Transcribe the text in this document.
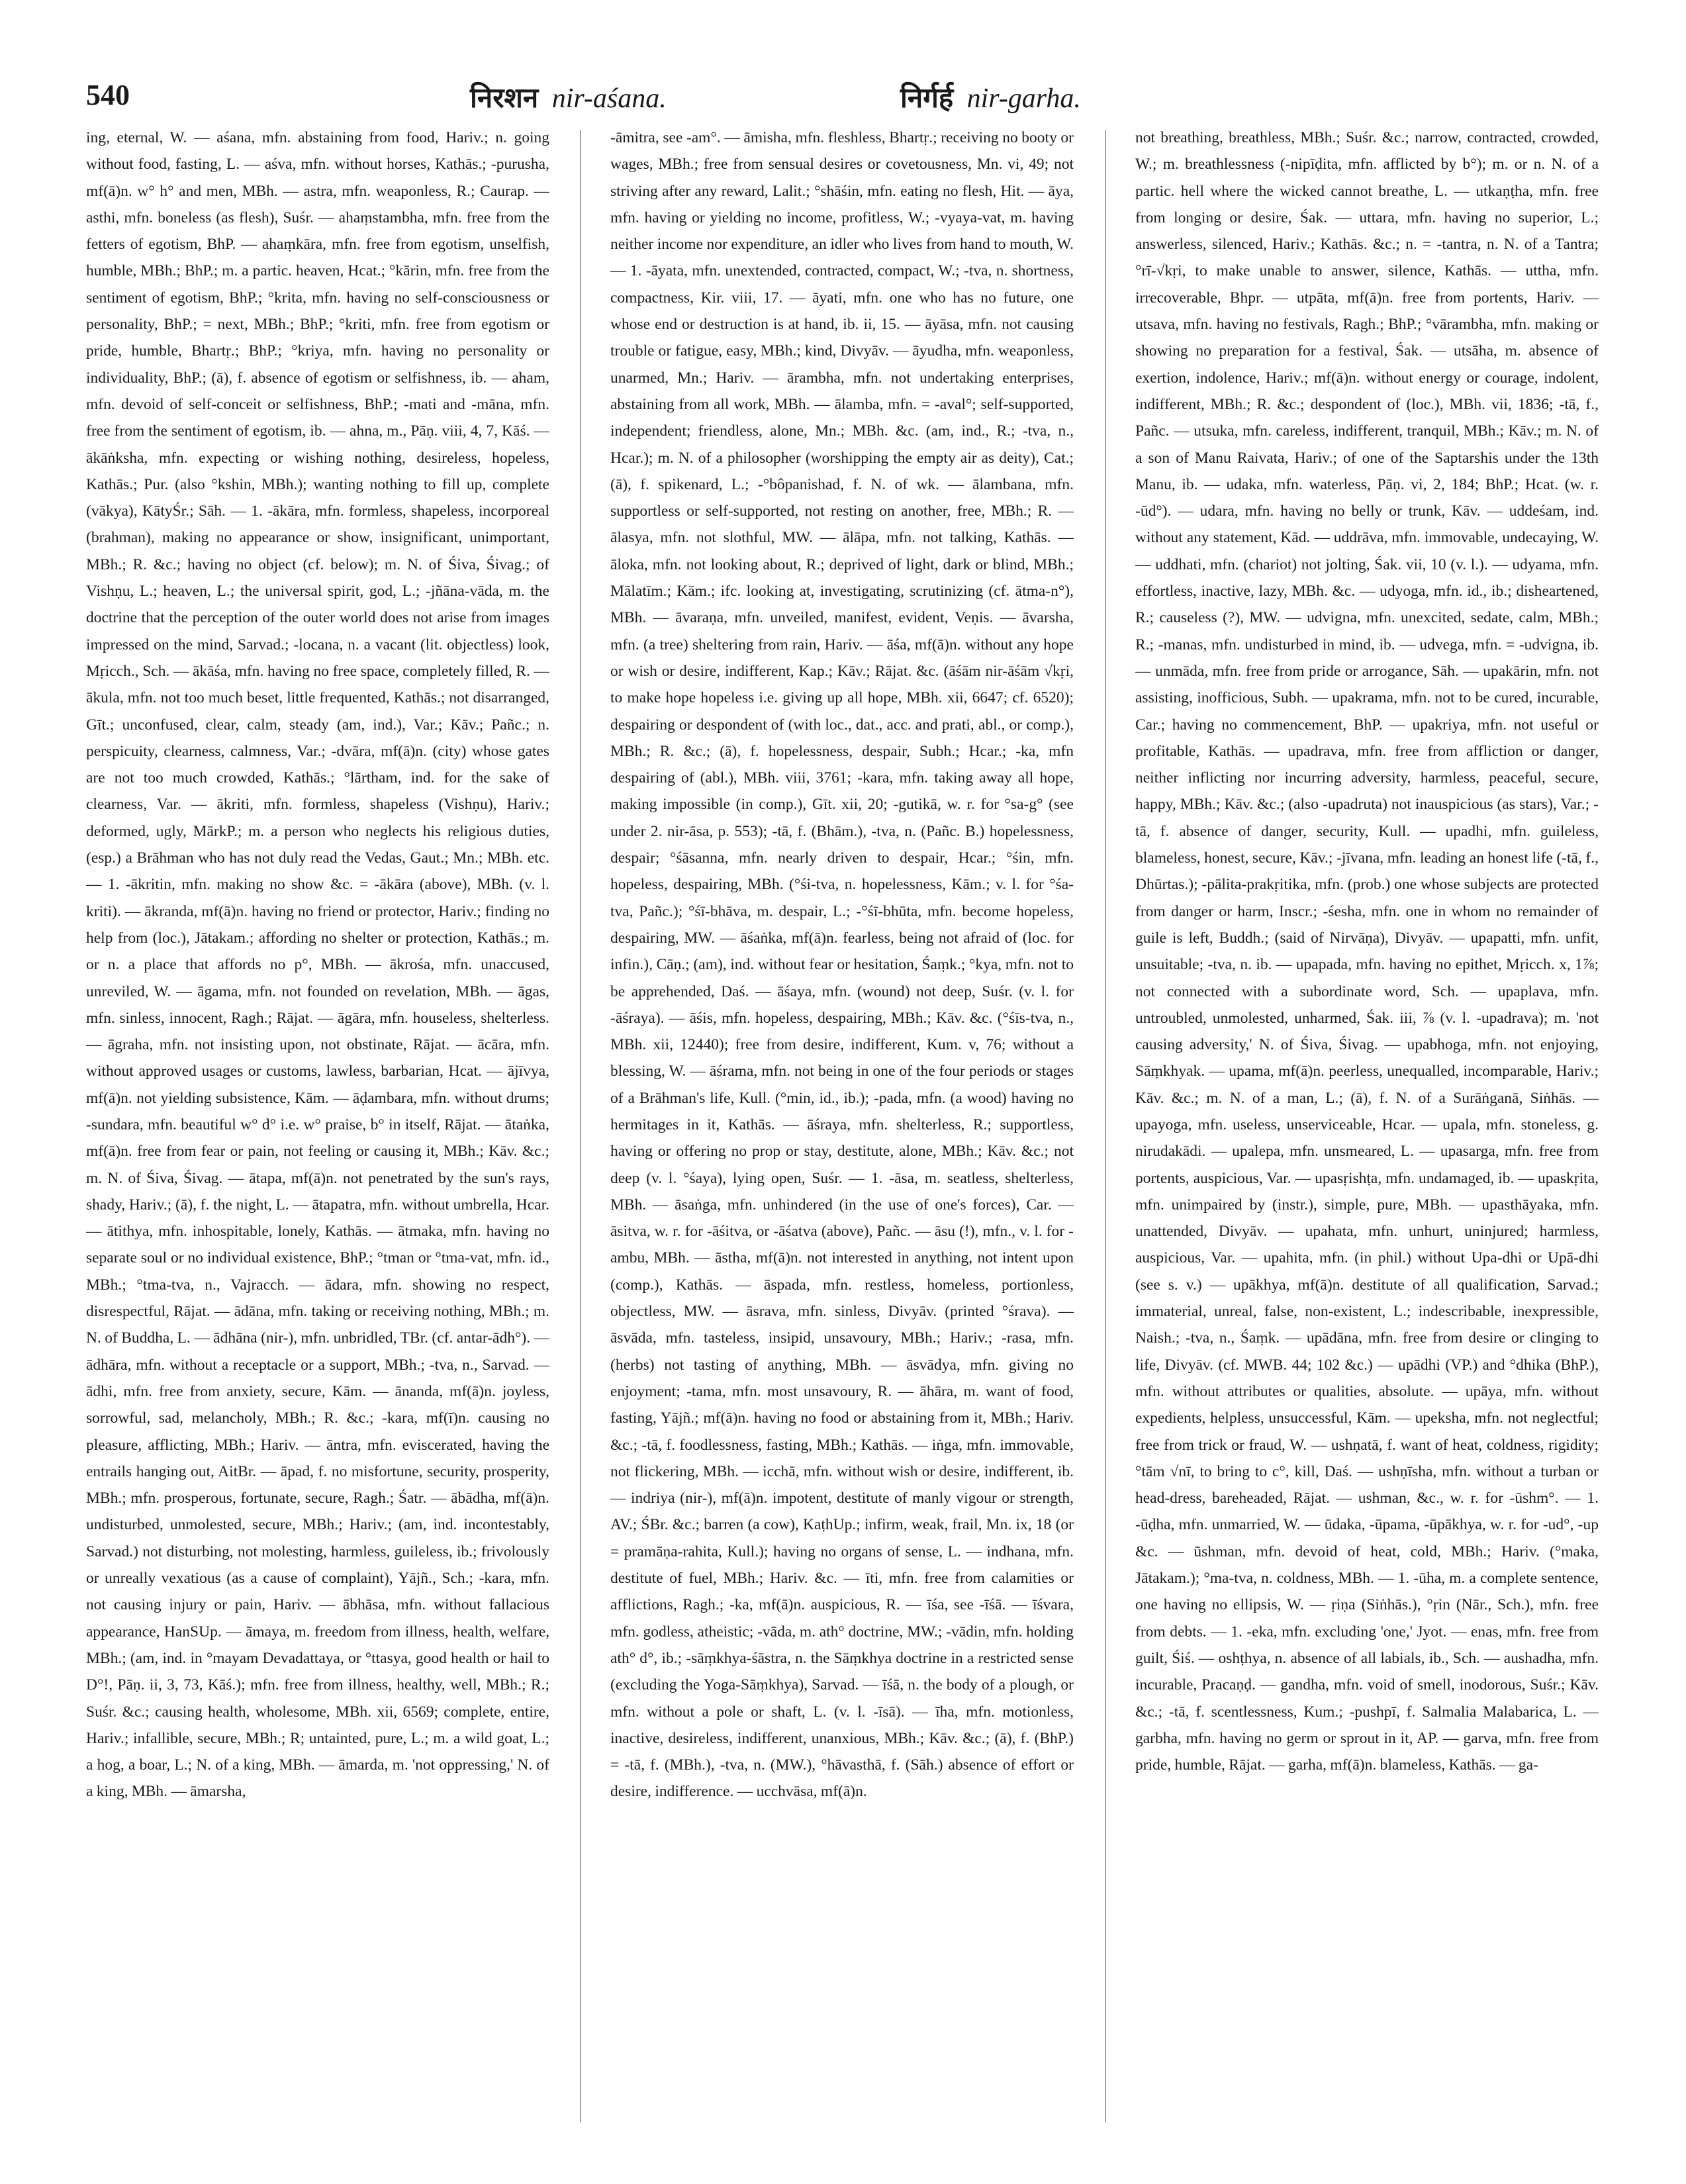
540	निरशन nir-aśana.	निर्गर्ह nir-garha.
ing, eternal, W. — aśana, mfn. abstaining from food, Hariv.; n. going without food, fasting, L. — aśva, mfn. without horses, Kathās.; -purusha, mf(ā)n. w° h° and men, MBh. — astra, mfn. weaponless, R.; Caurap. — asthi, mfn. boneless (as flesh), Suśr. — ahaṃstambha, mfn. free from the fetters of egotism, BhP. — ahaṃkāra, mfn. free from egotism, unselfish, humble, MBh.; BhP.; m. a partic. heaven, Hcat.; °kārin, mfn. free from the sentiment of egotism, BhP.; °krita, mfn. having no self-consciousness or personality, BhP.; = next, MBh.; BhP.; °kriti, mfn. free from egotism or pride, humble, Bhartṛ.; BhP.; °kriya, mfn. having no personality or individuality, BhP.; (ā), f. absence of egotism or selfishness, ib. — aham, mfn. devoid of self-conceit or selfishness, BhP.; -mati and -māna, mfn. free from the sentiment of egotism, ib. — ahna, m., Pāṇ. viii, 4, 7, Kāś. — ākāṅksha, mfn. expecting or wishing nothing, desireless, hopeless, Kathās.; Pur. (also °kshin, MBh.); wanting nothing to fill up, complete (vākya), KātyŚr.; Sāh. — 1. -ākāra, mfn. formless, shapeless, incorporeal (brahman), making no appearance or show, insignificant, unimportant, MBh.; R. &c.; having no object (cf. below); m. N. of Śiva, Śivag.; of Vishṇu, L.; heaven, L.; the universal spirit, god, L.; -jñāna-vāda, m. the doctrine that the perception of the outer world does not arise from images impressed on the mind, Sarvad.; -locana, n. a vacant (lit. objectless) look, Mṛicch., Sch. — ākāśa, mfn. having no free space, completely filled, R. — ākula, mfn. not too much beset, little frequented, Kathās.; not disarranged, Gīt.; unconfused, clear, calm, steady (am, ind.), Var.; Kāv.; Pañc.; n. perspicuity, clearness, calmness, Var.; -dvāra, mf(ā)n. (city) whose gates are not too much crowded, Kathās.; °lārtham, ind. for the sake of clearness, Var. — ākriti, mfn. formless, shapeless (Vishṇu), Hariv.; deformed, ugly, MārkP.; m. a person who neglects his religious duties, (esp.) a Brāhman who has not duly read the Vedas, Gaut.; Mn.; MBh. etc. — 1. -ākritin, mfn. making no show &c. = -ākāra (above), MBh. (v. l. kriti). — ākranda, mf(ā)n. having no friend or protector, Hariv.; finding no help from (loc.), Jātakam.; affording no shelter or protection, Kathās.; m. or n. a place that affords no p°, MBh. — ākrośa, mfn. unaccused, unreviled, W. — āgama, mfn. not founded on revelation, MBh. — āgas, mfn. sinless, innocent, Ragh.; Rājat. — āgāra, mfn. houseless, shelterless. — āgraha, mfn. not insisting upon, not obstinate, Rājat. — ācāra, mfn. without approved usages or customs, lawless, barbarian, Hcat. — ājīvya, mf(ā)n. not yielding subsistence, Kām. — āḍambara, mfn. without drums; -sundara, mfn. beautiful w° d° i.e. w° praise, b° in itself, Rājat. — ātaṅka, mf(ā)n. free from fear or pain, not feeling or causing it, MBh.; Kāv. &c.; m. N. of Śiva, Śivag. — ātapa, mf(ā)n. not penetrated by the sun's rays, shady, Hariv.; (ā), f. the night, L. — ātapatra, mfn. without umbrella, Hcar. — ātithya, mfn. inhospitable, lonely, Kathās. — ātmaka, mfn. having no separate soul or no individual existence, BhP.; °tman or °tma-vat, mfn. id., MBh.; °tma-tva, n., Vajracch. — ādara, mfn. showing no respect, disrespectful, Rājat. — ādāna, mfn. taking or receiving nothing, MBh.; m. N. of Buddha, L. — ādhāna (nir-), mfn. unbridled, TBr. (cf. antar-ādh°). — ādhāra, mfn. without a receptacle or a support, MBh.; -tva, n., Sarvad. — ādhi, mfn. free from anxiety, secure, Kām. — ānanda, mf(ā)n. joyless, sorrowful, sad, melancholy, MBh.; R. &c.; -kara, mf(ī)n. causing no pleasure, afflicting, MBh.; Hariv. — āntra, mfn. eviscerated, having the entrails hanging out, AitBr. — āpad, f. no misfortune, security, prosperity, MBh.; mfn. prosperous, fortunate, secure, Ragh.; Śatr. — ābādha, mf(ā)n. undisturbed, unmolested, secure, MBh.; Hariv.; (am, ind. incontestably, Sarvad.) not disturbing, not molesting, harmless, guileless, ib.; frivolously or unreally vexatious (as a cause of complaint), Yājñ., Sch.; -kara, mfn. not causing injury or pain, Hariv. — ābhāsa, mfn. without fallacious appearance, HanSUp. — āmaya, m. freedom from illness, health, welfare, MBh.; (am, ind. in °mayam Devadattaya, or °ttasya, good health or hail to D°!, Pāṇ. ii, 3, 73, Kāś.); mfn. free from illness, healthy, well, MBh.; R.; Suśr. &c.; causing health, wholesome, MBh. xii, 6569; complete, entire, Hariv.; infallible, secure, MBh.; R; untainted, pure, L.; m. a wild goat, L.; a hog, a boar, L.; N. of a king, MBh. — āmarda, m. 'not oppressing,' N. of a king, MBh. — āmarsha,
-āmitra, see -am°. — āmisha, mfn. fleshless, Bhartṛ.; receiving no booty or wages, MBh.; free from sensual desires or covetousness, Mn. vi, 49; not striving after any reward, Lalit.; °shāśin, mfn. eating no flesh, Hit. — āya, mfn. having or yielding no income, profitless, W.; -vyaya-vat, m. having neither income nor expenditure, an idler who lives from hand to mouth, W. — 1. -āyata, mfn. unextended, contracted, compact, W.; -tva, n. shortness, compactness, Kir. viii, 17. — āyati, mfn. one who has no future, one whose end or destruction is at hand, ib. ii, 15. — āyāsa, mfn. not causing trouble or fatigue, easy, MBh.; kind, Divyāv. — āyudha, mfn. weaponless, unarmed, Mn.; Hariv. — ārambha, mfn. not undertaking enterprises, abstaining from all work, MBh. — ālamba, mfn. = -aval°; self-supported, independent; friendless, alone, Mn.; MBh. &c. (am, ind., R.; -tva, n., Hcar.); m. N. of a philosopher (worshipping the empty air as deity), Cat.; (ā), f. spikenard, L.; -°bôpanishad, f. N. of wk. — ālambana, mfn. supportless or self-supported, not resting on another, free, MBh.; R. — ālasya, mfn. not slothful, MW. — ālāpa, mfn. not talking, Kathās. — āloka, mfn. not looking about, R.; deprived of light, dark or blind, MBh.; Mālatīm.; Kām.; ifc. looking at, investigating, scrutinizing (cf. ātma-n°), MBh. — āvaraṇa, mfn. unveiled, manifest, evident, Veṇis. — āvarsha, mfn. (a tree) sheltering from rain, Hariv. — āśa, mf(ā)n. without any hope or wish or desire, indifferent, Kap.; Kāv.; Rājat. &c. (āśām nir-āśām √kṛi, to make hope hopeless i.e. giving up all hope, MBh. xii, 6647; cf. 6520); despairing or despondent of (with loc., dat., acc. and prati, abl., or comp.), MBh.; R. &c.; (ā), f. hopelessness, despair, Subh.; Hcar.; -ka, mfn despairing of (abl.), MBh. viii, 3761; -kara, mfn. taking away all hope, making impossible (in comp.), Gīt. xii, 20; -gutikā, w. r. for °sa-g° (see under 2. nir-āsa, p. 553); -tā, f. (Bhām.), -tva, n. (Pañc. B.) hopelessness, despair; °śāsanna, mfn. nearly driven to despair, Hcar.; °śin, mfn. hopeless, despairing, MBh. (°śi-tva, n. hopelessness, Kām.; v. l. for °śa-tva, Pañc.); °śī-bhāva, m. despair, L.; -°śī-bhūta, mfn. become hopeless, despairing, MW. — āśaṅka, mf(ā)n. fearless, being not afraid of (loc. for infin.), Cāṇ.; (am), ind. without fear or hesitation, Śaṃk.; °kya, mfn. not to be apprehended, Daś. — āśaya, mfn. (wound) not deep, Suśr. (v. l. for -āśraya). — āśis, mfn. hopeless, despairing, MBh.; Kāv. &c. (°śīs-tva, n., MBh. xii, 12440); free from desire, indifferent, Kum. v, 76; without a blessing, W. — āśrama, mfn. not being in one of the four periods or stages of a Brāhman's life, Kull. (°min, id., ib.); -pada, mfn. (a wood) having no hermitages in it, Kathās. — āśraya, mfn. shelterless, R.; supportless, having or offering no prop or stay, destitute, alone, MBh.; Kāv. &c.; not deep (v. l. °śaya), lying open, Suśr. — 1. -āsa, m. seatless, shelterless, MBh. — āsaṅga, mfn. unhindered (in the use of one's forces), Car. — āsitva, w. r. for -āśitva, or -āśatva (above), Pañc. — āsu (!), mfn., v. l. for -ambu, MBh. — āstha, mf(ā)n. not interested in anything, not intent upon (comp.), Kathās. — āspada, mfn. restless, homeless, portionless, objectless, MW. — āsrava, mfn. sinless, Divyāv. (printed °śrava). — āsvāda, mfn. tasteless, insipid, unsavoury, MBh.; Hariv.; -rasa, mfn. (herbs) not tasting of anything, MBh. — āsvādya, mfn. giving no enjoyment; -tama, mfn. most unsavoury, R. — āhāra, m. want of food, fasting, Yājñ.; mf(ā)n. having no food or abstaining from it, MBh.; Hariv. &c.; -tā, f. foodlessness, fasting, MBh.; Kathās. — iṅga, mfn. immovable, not flickering, MBh. — icchā, mfn. without wish or desire, indifferent, ib. — indriya (nir-), mf(ā)n. impotent, destitute of manly vigour or strength, AV.; ŚBr. &c.; barren (a cow), KaṭhUp.; infirm, weak, frail, Mn. ix, 18 (or = pramāṇa-rahita, Kull.); having no organs of sense, L. — indhana, mfn. destitute of fuel, MBh.; Hariv. &c. — īti, mfn. free from calamities or afflictions, Ragh.; -ka, mf(ā)n. auspicious, R. — īśa, see -īśā. — īśvara, mfn. godless, atheistic; -vāda, m. ath° doctrine, MW.; -vādin, mfn. holding ath° d°, ib.; -sāṃkhya-śāstra, n. the Sāṃkhya doctrine in a restricted sense (excluding the Yoga-Sāṃkhya), Sarvad. — īśā, n. the body of a plough, or mfn. without a pole or shaft, L. (v. l. -īsā). — īha, mfn. motionless, inactive, desireless, indifferent, unanxious, MBh.; Kāv. &c.; (ā), f. (BhP.) = -tā, f. (MBh.), -tva, n. (MW.), °hāvasthā, f. (Sāh.) absence of effort or desire, indifference. — ucchvāsa, mf(ā)n.
not breathing, breathless, MBh.; Suśr. &c.; narrow, contracted, crowded, W.; m. breathlessness (-nipīḍita, mfn. afflicted by b°); m. or n. N. of a partic. hell where the wicked cannot breathe, L. — utkaṇṭha, mfn. free from longing or desire, Śak. — uttara, mfn. having no superior, L.; answerless, silenced, Hariv.; Kathās. &c.; n. = -tantra, n. N. of a Tantra; °rī-√kṛi, to make unable to answer, silence, Kathās. — uttha, mfn. irrecoverable, Bhpr. — utpāta, mf(ā)n. free from portents, Hariv. — utsava, mfn. having no festivals, Ragh.; BhP.; °vārambha, mfn. making or showing no preparation for a festival, Śak. — utsāha, m. absence of exertion, indolence, Hariv.; mf(ā)n. without energy or courage, indolent, indifferent, MBh.; R. &c.; despondent of (loc.), MBh. vii, 1836; -tā, f., Pañc. — utsuka, mfn. careless, indifferent, tranquil, MBh.; Kāv.; m. N. of a son of Manu Raivata, Hariv.; of one of the Saptarshis under the 13th Manu, ib. — udaka, mfn. waterless, Pāṇ. vi, 2, 184; BhP.; Hcat. (w. r. -ūd°). — udara, mfn. having no belly or trunk, Kāv. — uddeśam, ind. without any statement, Kād. — uddrāva, mfn. immovable, undecaying, W. — uddhati, mfn. (chariot) not jolting, Śak. vii, 10 (v. l.). — udyama, mfn. effortless, inactive, lazy, MBh. &c. — udyoga, mfn. id., ib.; disheartened, R.; causeless (?), MW. — udvigna, mfn. unexcited, sedate, calm, MBh.; R.; -manas, mfn. undisturbed in mind, ib. — udvega, mfn. = -udvigna, ib. — unmāda, mfn. free from pride or arrogance, Sāh. — upakārin, mfn. not assisting, inofficious, Subh. — upakrama, mfn. not to be cured, incurable, Car.; having no commencement, BhP. — upakriya, mfn. not useful or profitable, Kathās. — upadrava, mfn. free from affliction or danger, neither inflicting nor incurring adversity, harmless, peaceful, secure, happy, MBh.; Kāv. &c.; (also -upadruta) not inauspicious (as stars), Var.; -tā, f. absence of danger, security, Kull. — upadhi, mfn. guileless, blameless, honest, secure, Kāv.; -jīvana, mfn. leading an honest life (-tā, f., Dhūrtas.); -pālita-prakṛitika, mfn. (prob.) one whose subjects are protected from danger or harm, Inscr.; -śesha, mfn. one in whom no remainder of guile is left, Buddh.; (said of Nirvāṇa), Divyāv. — upapatti, mfn. unfit, unsuitable; -tva, n. ib. — upapada, mfn. having no epithet, Mṛicch. x, 1⅞; not connected with a subordinate word, Sch. — upaplava, mfn. untroubled, unmolested, unharmed, Śak. iii, ⅞ (v. l. -upadrava); m. 'not causing adversity,' N. of Śiva, Śivag. — upabhoga, mfn. not enjoying, Sāṃkhyak. — upama, mf(ā)n. peerless, unequalled, incomparable, Hariv.; Kāv. &c.; m. N. of a man, L.; (ā), f. N. of a Surāṅganā, Siṅhās. — upayoga, mfn. useless, unserviceable, Hcar. — upala, mfn. stoneless, g. nirudakādi. — upalepa, mfn. unsmeared, L. — upasarga, mfn. free from portents, auspicious, Var. — upasṛishṭa, mfn. undamaged, ib. — upaskṛita, mfn. unimpaired by (instr.), simple, pure, MBh. — upasthāyaka, mfn. unattended, Divyāv. — upahata, mfn. unhurt, uninjured; harmless, auspicious, Var. — upahita, mfn. (in phil.) without Upa-dhi or Upā-dhi (see s. v.) — upākhya, mf(ā)n. destitute of all qualification, Sarvad.; immaterial, unreal, false, non-existent, L.; indescribable, inexpressible, Naish.; -tva, n., Śaṃk. — upādāna, mfn. free from desire or clinging to life, Divyāv. (cf. MWB. 44; 102 &c.) — upādhi (VP.) and °dhika (BhP.), mfn. without attributes or qualities, absolute. — upāya, mfn. without expedients, helpless, unsuccessful, Kām. — upeksha, mfn. not neglectful; free from trick or fraud, W. — ushṇatā, f. want of heat, coldness, rigidity; °tām √nī, to bring to c°, kill, Daś. — ushṇīsha, mfn. without a turban or head-dress, bareheaded, Rājat. — ushman, &c., w. r. for -ūshm°. — 1. -ūḍha, mfn. unmarried, W. — ūdaka, -ūpama, -ūpākhya, w. r. for -ud°, -up &c. — ūshman, mfn. devoid of heat, cold, MBh.; Hariv. (°maka, Jātakam.); °ma-tva, n. coldness, MBh. — 1. -ūha, m. a complete sentence, one having no ellipsis, W. — ṛiṇa (Siṅhās.), °ṛin (Nār., Sch.), mfn. free from debts. — 1. -eka, mfn. excluding 'one,' Jyot. — enas, mfn. free from guilt, Śiś. — oshṭhya, n. absence of all labials, ib., Sch. — aushadha, mfn. incurable, Pracaṇḍ. — gandha, mfn. void of smell, inodorous, Suśr.; Kāv. &c.; -tā, f. scentlessness, Kum.; -pushpī, f. Salmalia Malabarica, L. — garbha, mfn. having no germ or sprout in it, AP. — garva, mfn. free from pride, humble, Rājat. — garha, mf(ā)n. blameless, Kathās. — ga-
